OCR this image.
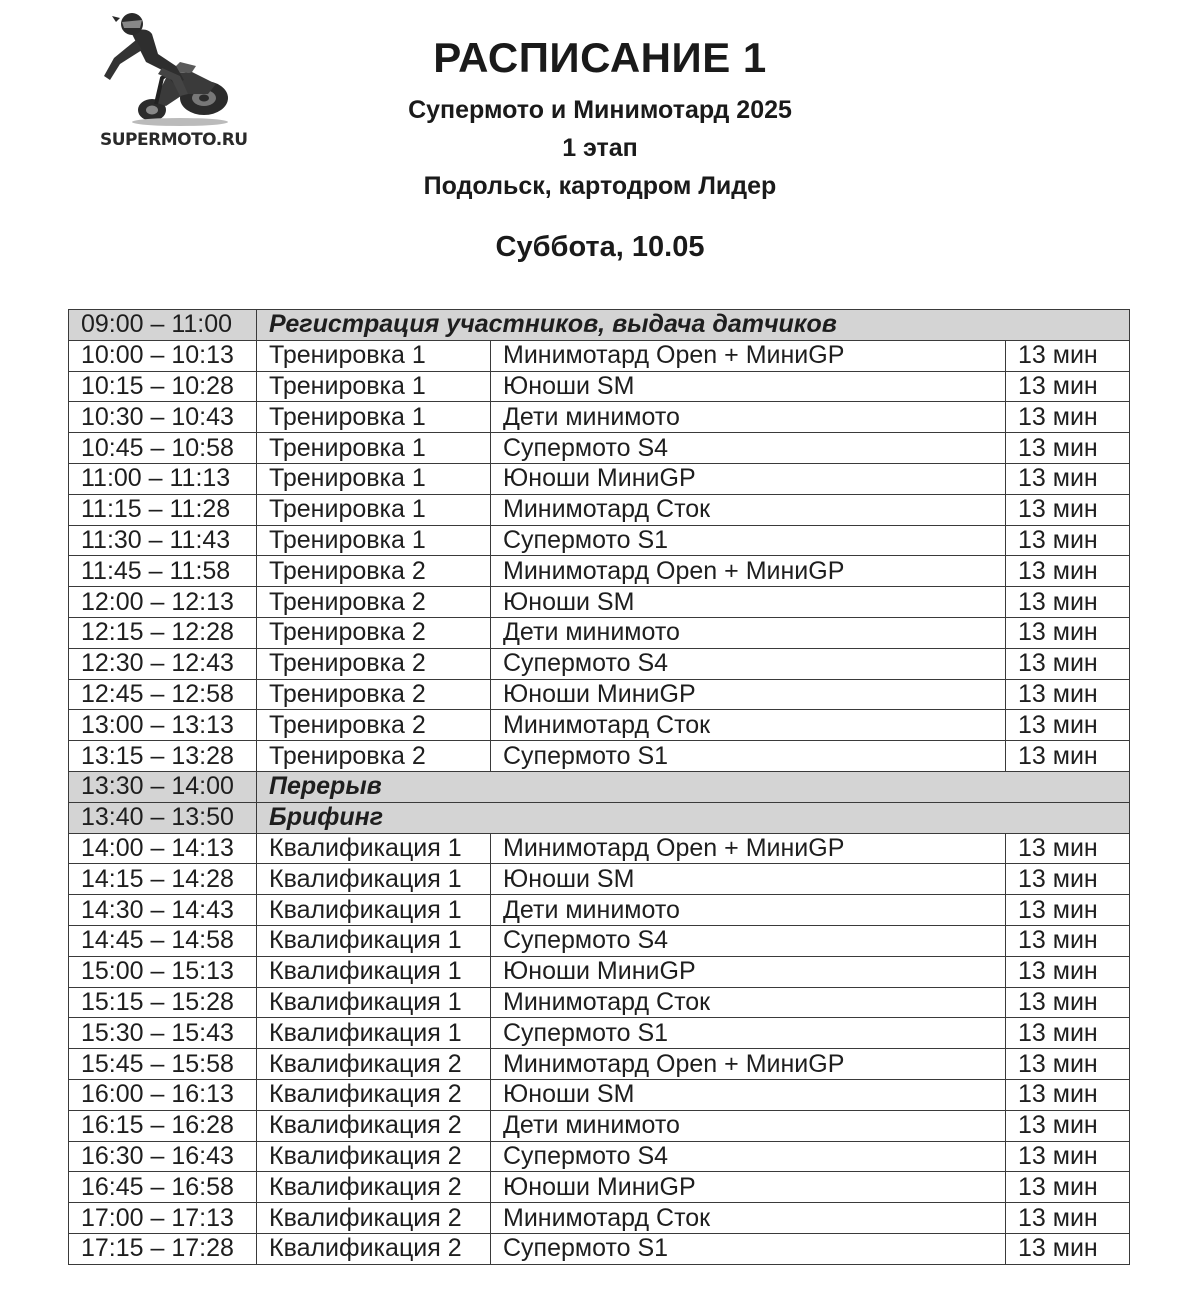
SUPERMOTO.RU
РАСПИСАНИЕ 1
Супермото и Минимотард 2025
1 этап
Подольск, картодром Лидер
Суббота, 10.05
09:00 – 11:00	Регистрация участников, выдача датчиков		
10:00 – 10:13	Тренировка 1	Минимотард Open + МиниGP	13 мин
10:15 – 10:28	Тренировка 1	Юноши SM	13 мин
10:30 – 10:43	Тренировка 1	Дети минимото	13 мин
10:45 – 10:58	Тренировка 1	Супермото S4	13 мин
11:00 – 11:13	Тренировка 1	Юноши МиниGP	13 мин
11:15 – 11:28	Тренировка 1	Минимотард Сток	13 мин
11:30 – 11:43	Тренировка 1	Супермото S1	13 мин
11:45 – 11:58	Тренировка 2	Минимотард Open + МиниGP	13 мин
12:00 – 12:13	Тренировка 2	Юноши SM	13 мин
12:15 – 12:28	Тренировка 2	Дети минимото	13 мин
12:30 – 12:43	Тренировка 2	Супермото S4	13 мин
12:45 – 12:58	Тренировка 2	Юноши МиниGP	13 мин
13:00 – 13:13	Тренировка 2	Минимотард Сток	13 мин
13:15 – 13:28	Тренировка 2	Супермото S1	13 мин
13:30 – 14:00	Перерыв		
13:40 – 13:50	Брифинг		
14:00 – 14:13	Квалификация 1	Минимотард Open + МиниGP	13 мин
14:15 – 14:28	Квалификация 1	Юноши SM	13 мин
14:30 – 14:43	Квалификация 1	Дети минимото	13 мин
14:45 – 14:58	Квалификация 1	Супермото S4	13 мин
15:00 – 15:13	Квалификация 1	Юноши МиниGP	13 мин
15:15 – 15:28	Квалификация 1	Минимотард Сток	13 мин
15:30 – 15:43	Квалификация 1	Супермото S1	13 мин
15:45 – 15:58	Квалификация 2	Минимотард Open + МиниGP	13 мин
16:00 – 16:13	Квалификация 2	Юноши SM	13 мин
16:15 – 16:28	Квалификация 2	Дети минимото	13 мин
16:30 – 16:43	Квалификация 2	Супермото S4	13 мин
16:45 – 16:58	Квалификация 2	Юноши МиниGP	13 мин
17:00 – 17:13	Квалификация 2	Минимотард Сток	13 мин
17:15 – 17:28	Квалификация 2	Супермото S1	13 мин
